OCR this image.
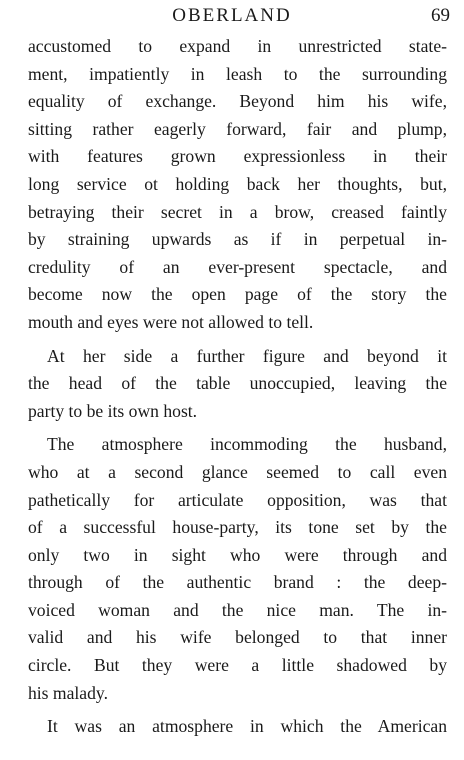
OBERLAND	69
accustomed to expand in unrestricted state-
ment, impatiently in leash to the surrounding
equality of exchange. Beyond him his wife,
sitting rather eagerly forward, fair and plump,
with features grown expressionless in their
long service ot holding back her thoughts, but,
betraying their secret in a brow, creased faintly
by straining upwards as if in perpetual in-
credulity of an ever-present spectacle, and
become now the open page of the story the
mouth and eyes were not allowed to tell.
At her side a further figure and beyond it
the head of the table unoccupied, leaving the
party to be its own host.
The atmosphere incommoding the husband,
who at a second glance seemed to call even
pathetically for articulate opposition, was that
of a successful house-party, its tone set by the
only two in sight who were through and
through of the authentic brand : the deep-
voiced woman and the nice man. The in-
valid and his wife belonged to that inner
circle. But they were a little shadowed by
his malady.
It was an atmosphere in which the American
